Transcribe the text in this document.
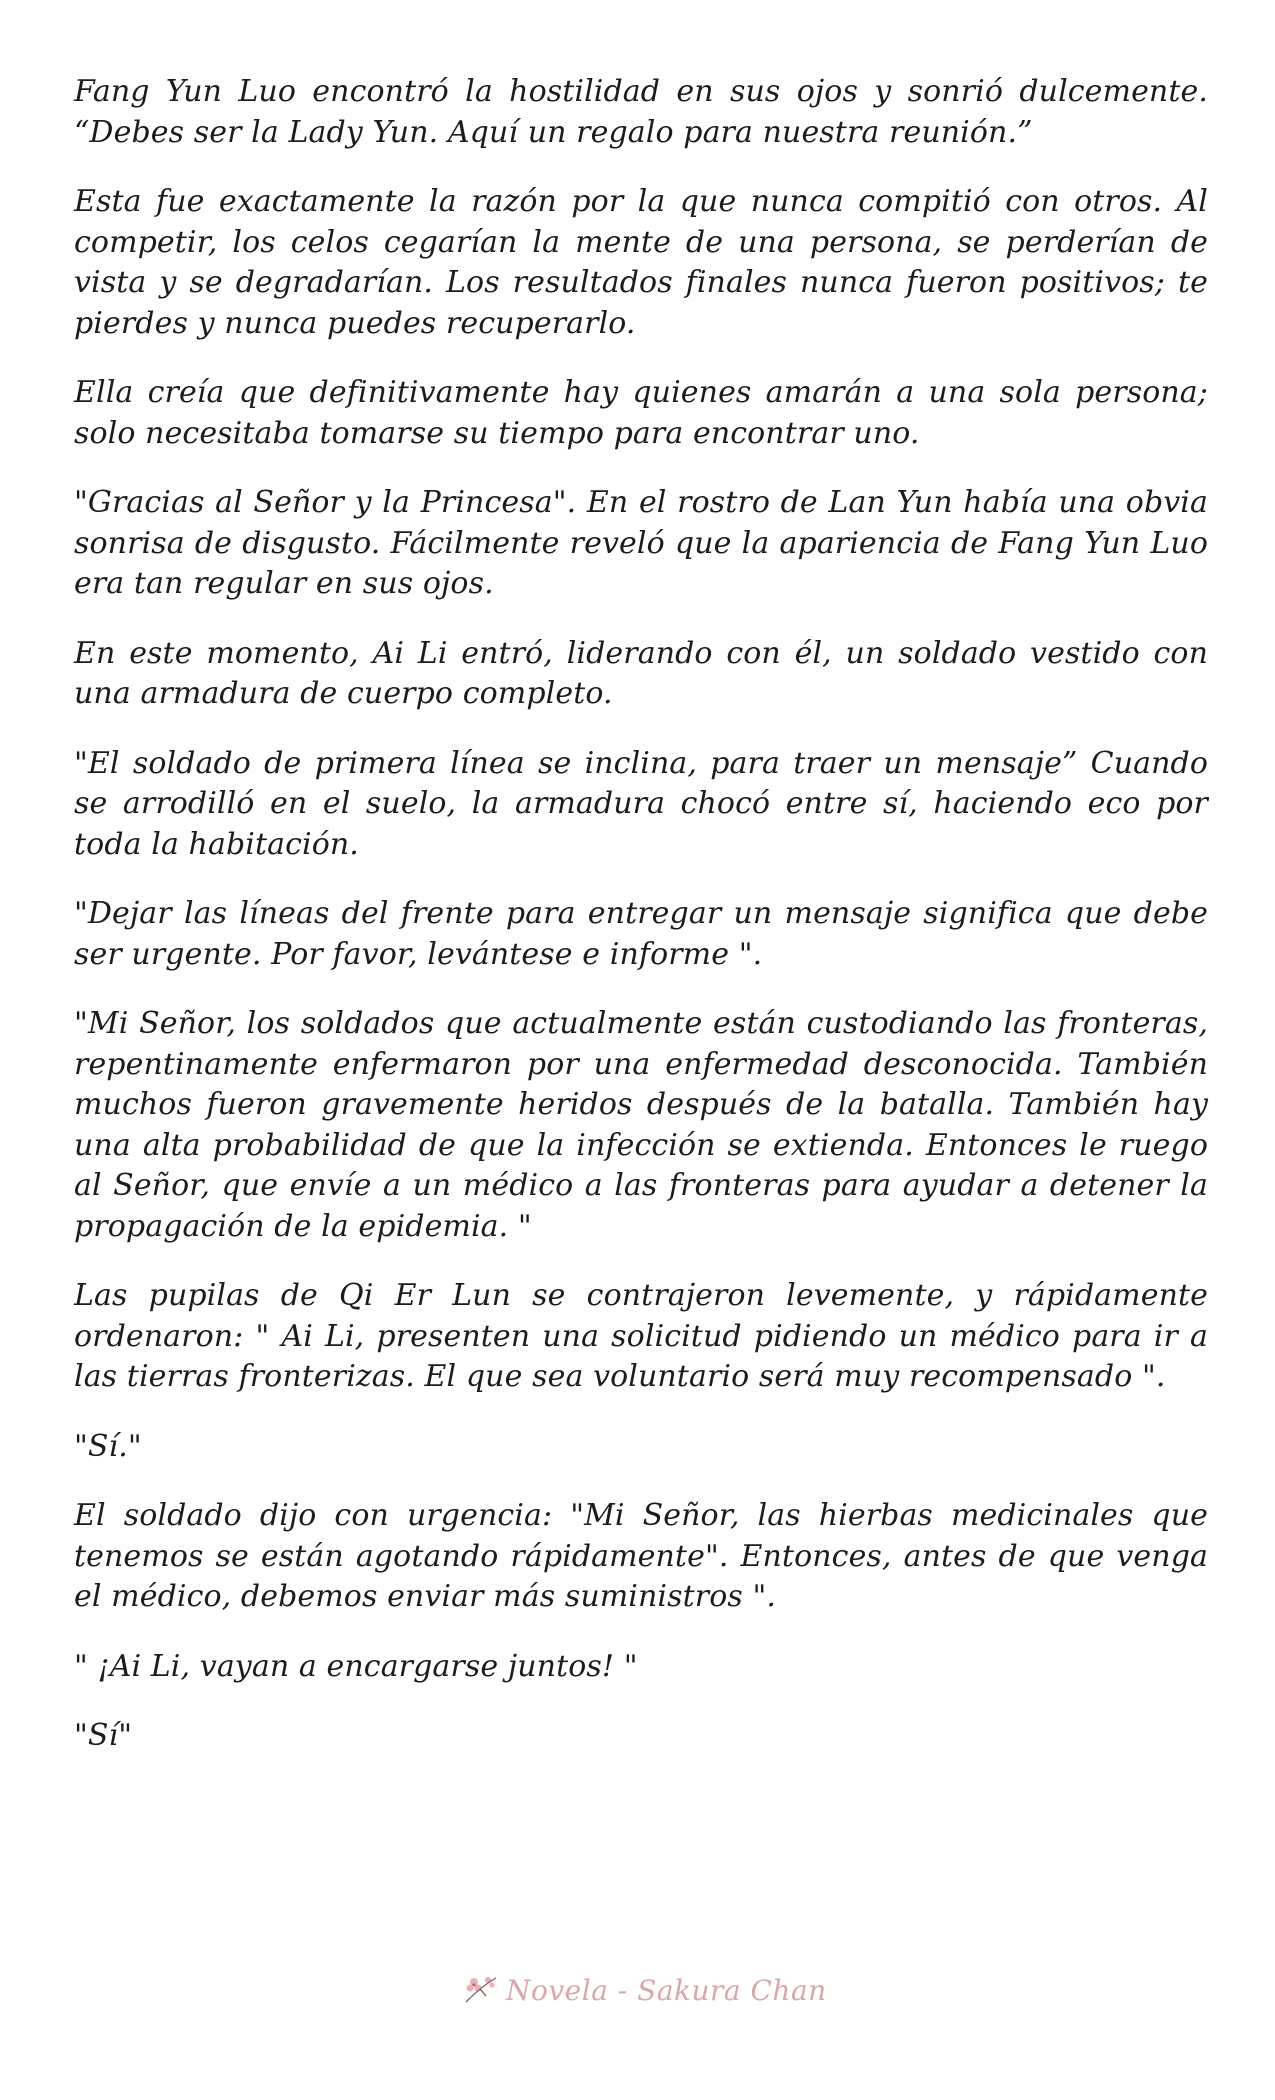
Fang Yun Luo encontró la hostilidad en sus ojos y sonrió dulcemente. “Debes ser la Lady Yun. Aquí un regalo para nuestra reunión.”

Esta fue exactamente la razón por la que nunca compitió con otros. Al competir, los celos cegarían la mente de una persona, se perderían de vista y se degradarían. Los resultados finales nunca fueron positivos; te pierdes y nunca puedes recuperarlo.

Ella creía que definitivamente hay quienes amarán a una sola persona; solo necesitaba tomarse su tiempo para encontrar uno.

"Gracias al Señor y la Princesa". En el rostro de Lan Yun había una obvia sonrisa de disgusto. Fácilmente reveló que la apariencia de Fang Yun Luo era tan regular en sus ojos.

En este momento, Ai Li entró, liderando con él, un soldado vestido con una armadura de cuerpo completo.

"El soldado de primera línea se inclina, para traer un mensaje” Cuando se arrodilló en el suelo, la armadura chocó entre sí, haciendo eco por toda la habitación.

"Dejar las líneas del frente para entregar un mensaje significa que debe ser urgente. Por favor, levántese e informe ".

"Mi Señor, los soldados que actualmente están custodiando las fronteras, repentinamente enfermaron por una enfermedad desconocida. También muchos fueron gravemente heridos después de la batalla. También hay una alta probabilidad de que la infección se extienda. Entonces le ruego al Señor, que envíe a un médico a las fronteras para ayudar a detener la propagación de la epidemia. "

Las pupilas de Qi Er Lun se contrajeron levemente, y rápidamente ordenaron: " Ai Li, presenten una solicitud pidiendo un médico para ir a las tierras fronterizas. El que sea voluntario será muy recompensado ".

"Sí."

El soldado dijo con urgencia: "Mi Señor, las hierbas medicinales que tenemos se están agotando rápidamente". Entonces, antes de que venga el médico, debemos enviar más suministros ".

" ¡Ai Li, vayan a encargarse juntos! "

"Sí"

Novela - Sakura Chan
